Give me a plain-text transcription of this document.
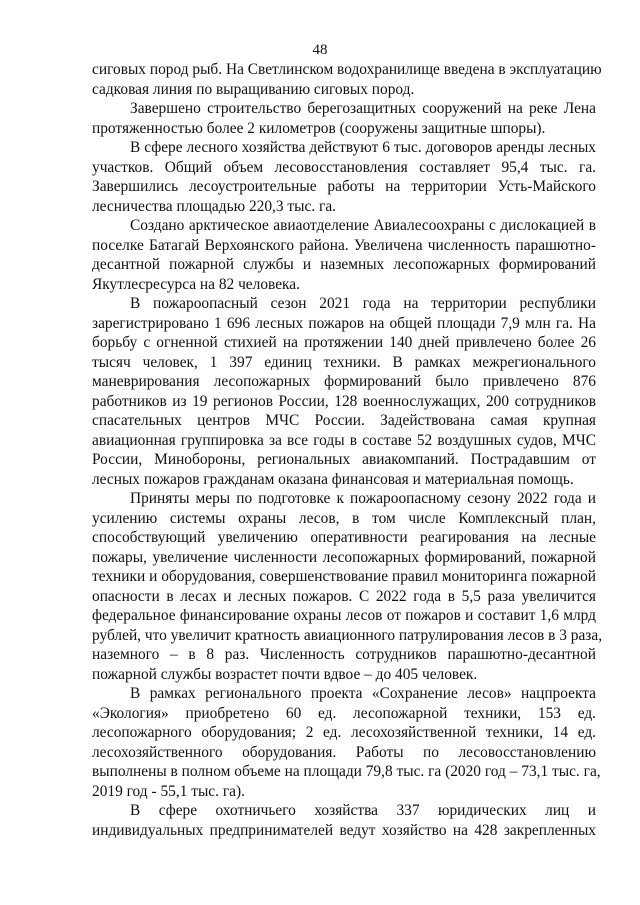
48
сиговых пород рыб. На Светлинском водохранилище введена в эксплуатацию
садковая линия по выращиванию сиговых пород.
Завершено строительство берегозащитных сооружений на реке Лена
протяженностью более 2 километров (сооружены защитные шпоры).
В сфере лесного хозяйства действуют 6 тыс. договоров аренды лесных
участков. Общий объем лесовосстановления составляет 95,4 тыс. га.
Завершились лесоустроительные работы на территории Усть-Майского
лесничества площадью 220,3 тыс. га.
Создано арктическое авиаотделение Авиалесоохраны с дислокацией в
поселке Батагай Верхоянского района. Увеличена численность парашютно-
десантной пожарной службы и наземных лесопожарных формирований
Якутлесресурса на 82 человека.
В пожароопасный сезон 2021 года на территории республики
зарегистрировано 1 696 лесных пожаров на общей площади 7,9 млн га. На
борьбу с огненной стихией на протяжении 140 дней привлечено более 26
тысяч человек, 1 397 единиц техники. В рамках межрегионального
маневрирования лесопожарных формирований было привлечено 876
работников из 19 регионов России, 128 военнослужащих, 200 сотрудников
спасательных центров МЧС России. Задействована самая крупная
авиационная группировка за все годы в составе 52 воздушных судов, МЧС
России, Минобороны, региональных авиакомпаний. Пострадавшим от
лесных пожаров гражданам оказана финансовая и материальная помощь.
Приняты меры по подготовке к пожароопасному сезону 2022 года и
усилению системы охраны лесов, в том числе Комплексный план,
способствующий увеличению оперативности реагирования на лесные
пожары, увеличение численности лесопожарных формирований, пожарной
техники и оборудования, совершенствование правил мониторинга пожарной
опасности в лесах и лесных пожаров. С 2022 года в 5,5 раза увеличится
федеральное финансирование охраны лесов от пожаров и составит 1,6 млрд
рублей, что увеличит кратность авиационного патрулирования лесов в 3 раза,
наземного – в 8 раз. Численность сотрудников парашютно-десантной
пожарной службы возрастет почти вдвое – до 405 человек.
В рамках регионального проекта «Сохранение лесов» нацпроекта
«Экология» приобретено 60 ед. лесопожарной техники, 153 ед.
лесопожарного оборудования; 2 ед. лесохозяйственной техники, 14 ед.
лесохозяйственного оборудования. Работы по лесовосстановлению
выполнены в полном объеме на площади 79,8 тыс. га (2020 год – 73,1 тыс. га,
2019 год - 55,1 тыс. га).
В сфере охотничьего хозяйства 337 юридических лиц и
индивидуальных предпринимателей ведут хозяйство на 428 закрепленных
